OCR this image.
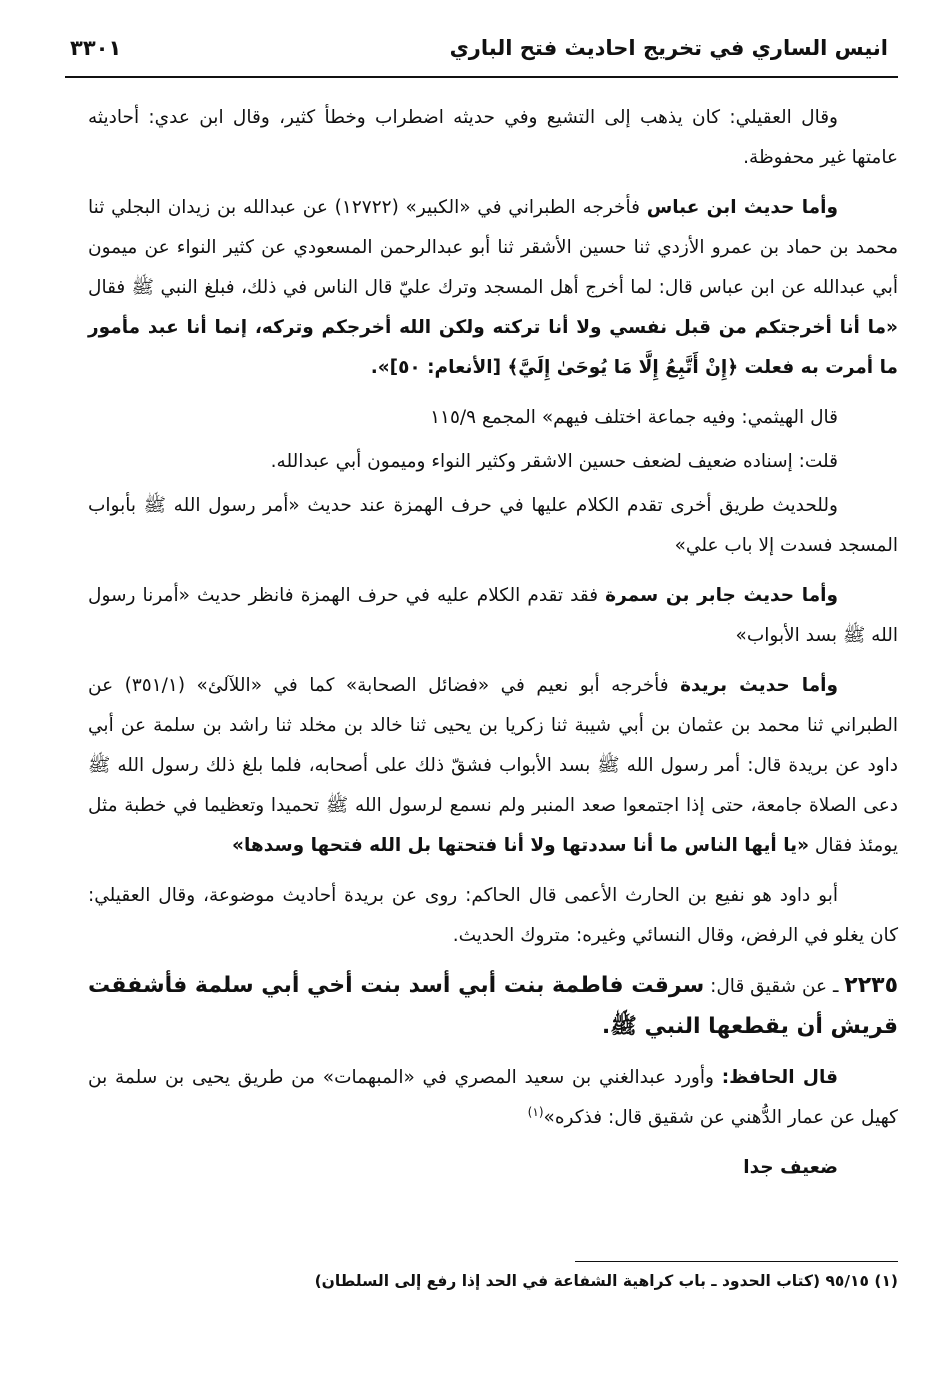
انيس الساري في تخريج احاديث فتح الباري
٣٣٠١

وقال العقيلي: كان يذهب إلى التشيع وفي حديثه اضطراب وخطأ كثير، وقال ابن عدي: أحاديثه عامتها غير محفوظة.

وأما حديث ابن عباس فأخرجه الطبراني في «الكبير» (١٢٧٢٢) عن عبدالله بن زيدان البجلي ثنا محمد بن حماد بن عمرو الأزدي ثنا حسين الأشقر ثنا أبو عبدالرحمن المسعودي عن كثير النواء عن ميمون أبي عبدالله عن ابن عباس قال: لما أخرج أهل المسجد وترك عليّ قال الناس في ذلك، فبلغ النبي ﷺ فقال «ما أنا أخرجتكم من قبل نفسي ولا أنا تركته ولكن الله أخرجكم وتركه، إنما أنا عبد مأمور ما أمرت به فعلت ﴿إِنْ أَتَّبِعُ إِلَّا مَا يُوحَىٰ إِلَيَّ﴾ [الأنعام: ٥٠]».

قال الهيثمي: وفيه جماعة اختلف فيهم» المجمع ١١٥/٩

قلت: إسناده ضعيف لضعف حسين الاشقر وكثير النواء وميمون أبي عبدالله.

وللحديث طريق أخرى تقدم الكلام عليها في حرف الهمزة عند حديث «أمر رسول الله ﷺ بأبواب المسجد فسدت إلا باب علي»

وأما حديث جابر بن سمرة فقد تقدم الكلام عليه في حرف الهمزة فانظر حديث «أمرنا رسول الله ﷺ بسد الأبواب»

وأما حديث بريدة فأخرجه أبو نعيم في «فضائل الصحابة» كما في «اللآلئ» (٣٥١/١) عن الطبراني ثنا محمد بن عثمان بن أبي شيبة ثنا زكريا بن يحيى ثنا خالد بن مخلد ثنا راشد بن سلمة عن أبي داود عن بريدة قال: أمر رسول الله ﷺ بسد الأبواب فشقّ ذلك على أصحابه، فلما بلغ ذلك رسول الله ﷺ دعى الصلاة جامعة، حتى إذا اجتمعوا صعد المنبر ولم نسمع لرسول الله ﷺ تحميدا وتعظيما في خطبة مثل يومئذ فقال «يا أيها الناس ما أنا سددتها ولا أنا فتحتها بل الله فتحها وسدها»

أبو داود هو نفيع بن الحارث الأعمى قال الحاكم: روى عن بريدة أحاديث موضوعة، وقال العقيلي: كان يغلو في الرفض، وقال النسائي وغيره: متروك الحديث.

٢٢٣٥ ـ عن شقيق قال: سرقت فاطمة بنت أبي أسد بنت أخي أبي سلمة فأشفقت قريش أن يقطعها النبي ﷺ.

قال الحافظ: وأورد عبدالغني بن سعيد المصري في «المبهمات» من طريق يحيى بن سلمة بن كهيل عن عمار الدُّهني عن شقيق قال: فذكره»$^{(١)}$

ضعيف جدا

(١) ٩٥/١٥ (كتاب الحدود ـ باب كراهية الشفاعة في الحد إذا رفع إلى السلطان)
